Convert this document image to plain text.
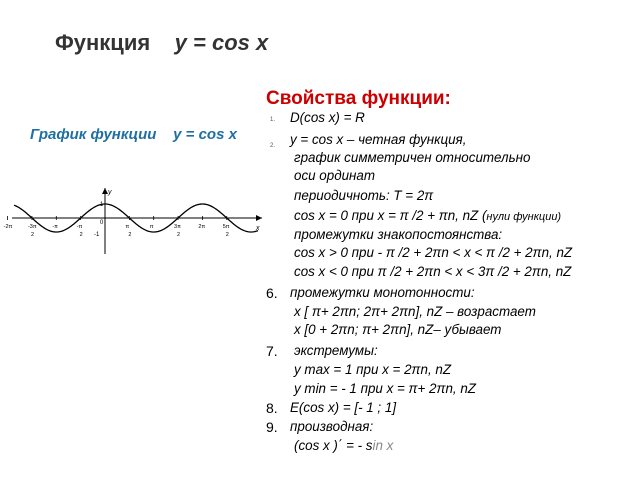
Функция y = cos x
График функции    y = cos x
y
x
1
0
-1
-2π	-3π
2
-π	-π
2
π
2
π	3π
2
2π	5π
2
Свойства функции:
1. D(cos x) = R
2. y = cos x – четная функция,
график симметричен относительно
оси ординат
периодичноть: T = 2π
cos x = 0 при x = π /2 + πn, nZ (нули функции)
промежутки знакопостоянства:
cos x > 0 при - π /2 + 2πn < x < π /2 + 2πn, nZ
cos x < 0 при π /2 + 2πn < x < 3π /2 + 2πn, nZ
6. промежутки монотонности:
x [ π+ 2πn; 2π+ 2πn], nZ – возрастает
x [0 + 2πn; π+ 2πn], nZ– убывает
7. экстремумы:
y max = 1 при x = 2πn, nZ
y min = - 1 при x = π+ 2πn, nZ
8. E(cos x) = [- 1 ; 1]
9. производная:
(cos x )΄ = - sin x
